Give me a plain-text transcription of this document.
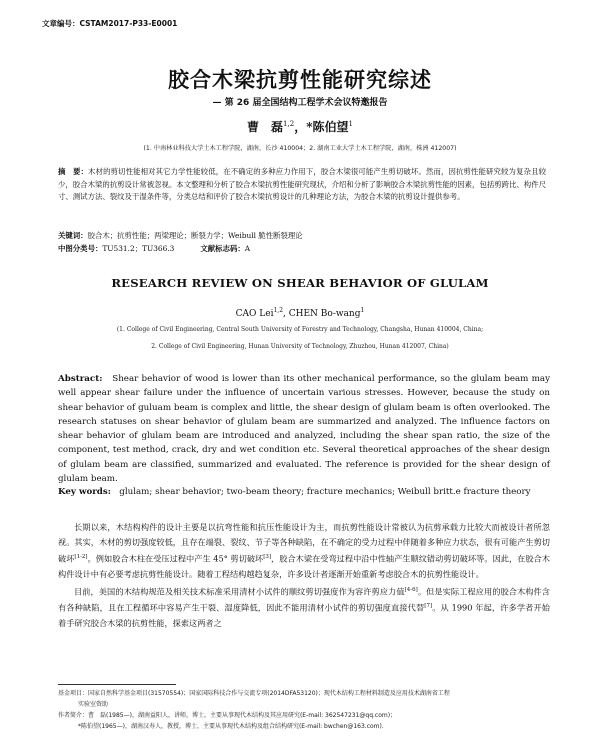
文章编号：CSTAM2017-P33-E0001
胶合木梁抗剪性能研究综述
— 第 26 届全国结构工程学术会议特邀报告
曹　磊$^{1,2}$，*陈伯望$^1$
(1. 中南林业科技大学土木工程学院，湖南，长沙 410004；2. 湖南工业大学土木工程学院，湖南，株洲 412007)
摘　要：木材的剪切性能相对其它力学性能较低，在不确定的多种应力作用下，胶合木梁很可能产生剪切破坏。然而，因抗剪性能研究较为复杂且较少，胶合木梁的抗剪设计常被忽视。本文整理和分析了胶合木梁抗剪性能研究现状，介绍和分析了影响胶合木梁抗剪性能的因素，包括剪跨比、构件尺寸、测试方法、裂纹及干湿条件等，分类总结和评价了胶合木梁抗剪设计的几种理论方法，为胶合木梁的抗剪设计提供参考。
关键词：胶合木；抗剪性能；两梁理论；断裂力学；Weibull 脆性断裂理论
中图分类号：TU531.2；TU366.3	文献标志码：A
RESEARCH REVIEW ON SHEAR BEHAVIOR OF GLULAM
CAO Lei$^{1,2}$, CHEN Bo-wang$^1$
(1. College of Civil Engineering, Central South University of Forestry and Technology, Changsha, Hunan 410004, China;
2. College of Civil Engineering, Hunan University of Technology, Zhuzhou, Hunan 412007, China)
Abstract: Shear behavior of wood is lower than its other mechanical performance, so the glulam beam may well appear shear failure under the influence of uncertain various stresses. However, because the study on shear behavior of guluam beam is complex and little, the shear design of glulam beam is often overlooked. The research statuses on shear behavior of glulam beam are summarized and analyzed. The influence factors on shear behavior of glulam beam are introduced and analyzed, including the shear span ratio, the size of the component, test method, crack, dry and wet condition etc. Several theoretical approaches of the shear design of glulam beam are classified, summarized and evaluated. The reference is provided for the shear design of glulam beam.
Key words: glulam; shear behavior; two-beam theory; fracture mechanics; Weibull britt.e fracture theory

长期以来，木结构构件的设计主要是以抗弯性能和抗压性能设计为主，而抗剪性能设计常被认为抗剪承载力比较大而被设计者所忽视。其实，木材的剪切强度较低，且存在端裂、裂纹、节子等各种缺陷，在不确定的受力过程中伴随着多种应力状态，很有可能产生剪切破坏[1-2]。例如胶合木柱在受压过程中产生 45° 剪切破坏[3]，胶合木梁在受弯过程中沿中性轴产生顺纹错动剪切破坏等。因此，在胶合木构件设计中有必要考虑抗剪性能设计。随着工程结构越趋复杂，许多设计者逐渐开始重新考虑胶合木的抗剪性能设计。

目前，美国的木结构规范及相关技术标准采用清材小试件的顺纹剪切强度作为容许剪应力值[4-6]。但是实际工程应用的胶合木构件含有各种缺陷，且在工程循环中容易产生干裂、湿度降低，因此不能用清材小试件的剪切强度直接代替[7]。从 1990 年起，许多学者开始着手研究胶合木梁的抗剪性能，探索这两者之

基金项目：国家自然科学基金项目(31570554)；国家国际科技合作与交流专项(2014DFA53120)；现代木结构工程材料制造及应用技术湖南省工程
实验室资助
作者简介：曹　磊(1985—)，湖南益阳人，讲师，博士，主要从事现代木结构及其应用研究(E-mail: 362547231@qq.com)；
*陈伯望(1965—)，湖南汉寿人，教授，博士，主要从事现代木结构及组合结构研究(E-mail: bwchen@163.com).
